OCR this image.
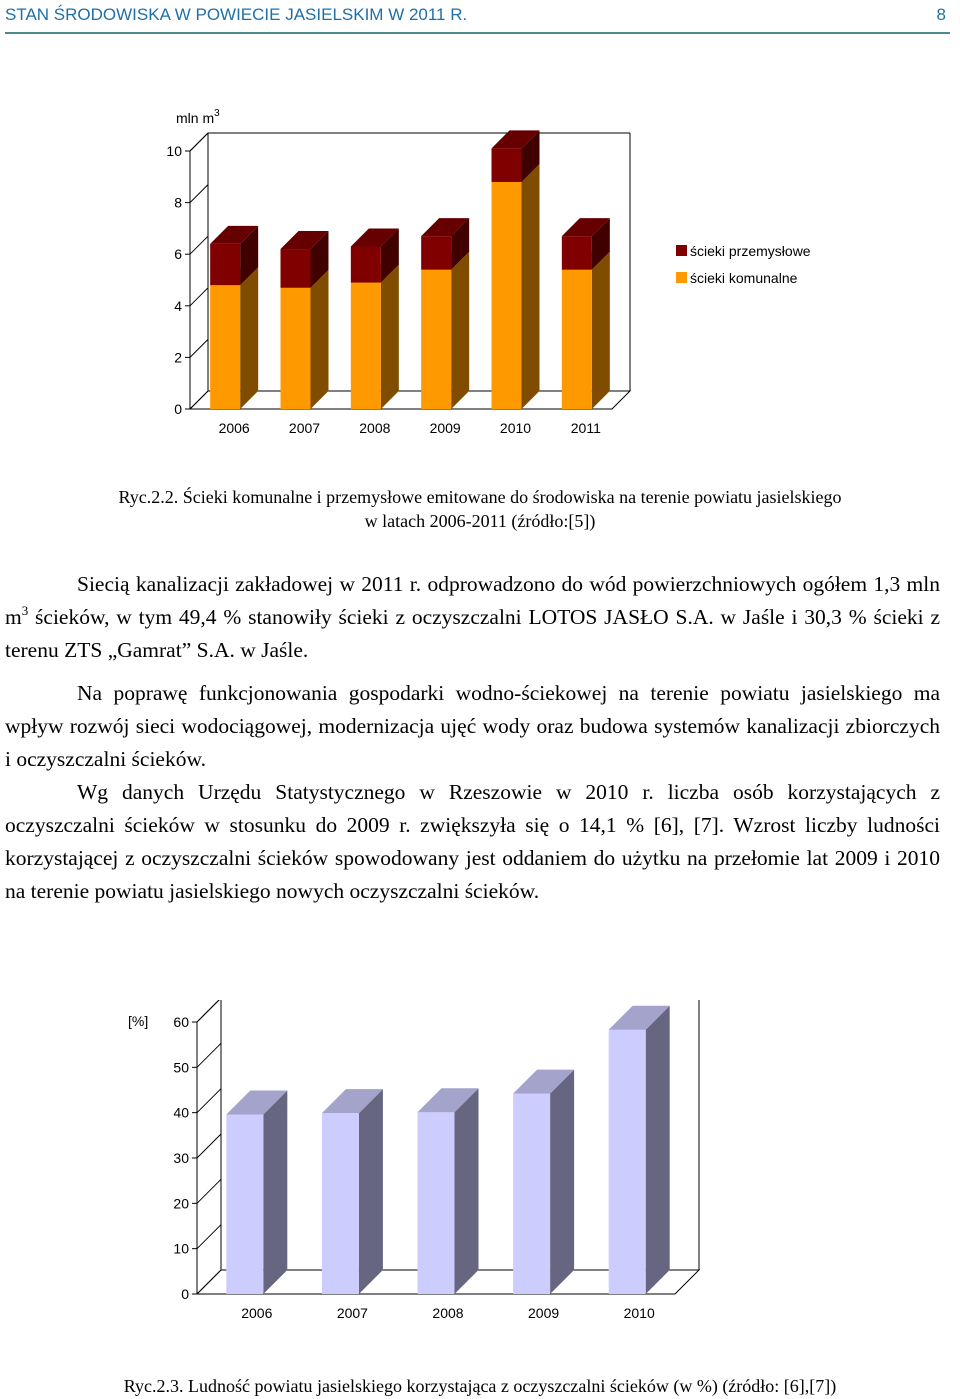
STAN ŚRODOWISKA W POWIECIE JASIELSKIM W 2011 R.	8
mln $m^3$
0
2
4
6
8
10
2006	2007	2008	2009	2010	2011
ścieki przemysłowe
ścieki komunalne
Ryc.2.2. Ścieki komunalne i przemysłowe emitowane do środowiska na terenie powiatu jasielskiego
w latach 2006-2011 (źródło:[5])

Siecią kanalizacji zakładowej w 2011 r. odprowadzono do wód powierzchniowych ogółem 1,3 mln $m^3$ ścieków, w tym 49,4 % stanowiły ścieki z oczyszczalni LOTOS JASŁO S.A. w Jaśle i 30,3 % ścieki z terenu ZTS „Gamrat” S.A. w Jaśle.

Na poprawę funkcjonowania gospodarki wodno-ściekowej na terenie powiatu jasielskiego ma wpływ rozwój sieci wodociągowej, modernizacja ujęć wody oraz budowa systemów kanalizacji zbiorczych i oczyszczalni ścieków.

Wg danych Urzędu Statystycznego w Rzeszowie w 2010 r. liczba osób korzystających z oczyszczalni ścieków w stosunku do 2009 r. zwiększyła się o 14,1 % [6], [7]. Wzrost liczby ludności korzystającej z oczyszczalni ścieków spowodowany jest oddaniem do użytku na przełomie lat 2009 i 2010 na terenie powiatu jasielskiego nowych oczyszczalni ścieków.

[%]
0
10
20
30
40
50
60
2006	2007	2008	2009	2010
Ryc.2.3. Ludność powiatu jasielskiego korzystająca z oczyszczalni ścieków (w %) (źródło: [6],[7])
